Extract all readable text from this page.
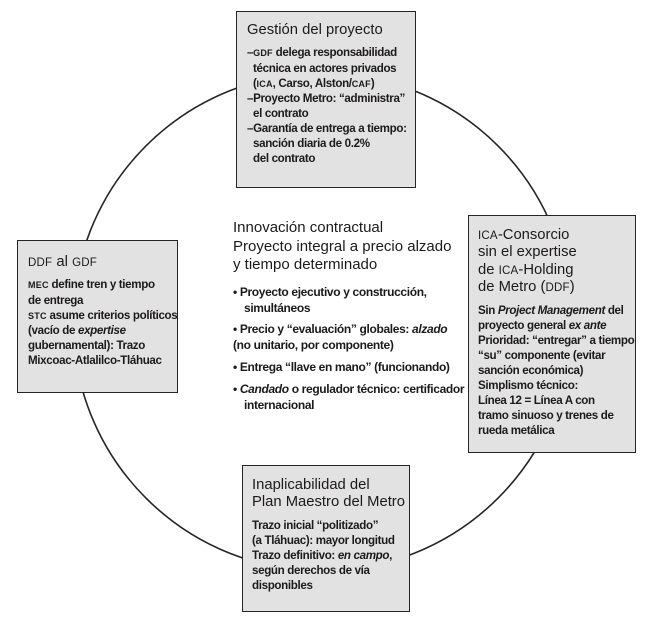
Gestión del proyecto
–GDF delega responsabilidad
técnica en actores privados
(ICA, Carso, Alston/CAF)
–Proyecto Metro: “administra”
el contrato
–Garantía de entrega a tiempo:
sanción diaria de 0.2%
del contrato
ICA-Consorcio
sin el expertise
de ICA-Holding
de Metro (DDF)
Sin Project Management del
proyecto general ex ante
Prioridad: “entregar” a tiempo
“su” componente (evitar
sanción económica)
Simplismo técnico:
Línea 12 = Línea A con
tramo sinuoso y trenes de
rueda metálica
Inaplicabilidad del
Plan Maestro del Metro
Trazo inicial “politizado”
(a Tláhuac): mayor longitud
Trazo definitivo: en campo,
según derechos de vía
disponibles
DDF al GDF
MEC define tren y tiempo
de entrega
STC asume criterios políticos
(vacío de expertise
gubernamental): Trazo
Mixcoac-Atlalilco-Tláhuac
Innovación contractual
Proyecto integral a precio alzado
y tiempo determinado
• Proyecto ejecutivo y construcción,
simultáneos
• Precio y “evaluación” globales: alzado
(no unitario, por componente)
• Entrega “llave en mano” (funcionando)
• Candado o regulador técnico: certificador
internacional
